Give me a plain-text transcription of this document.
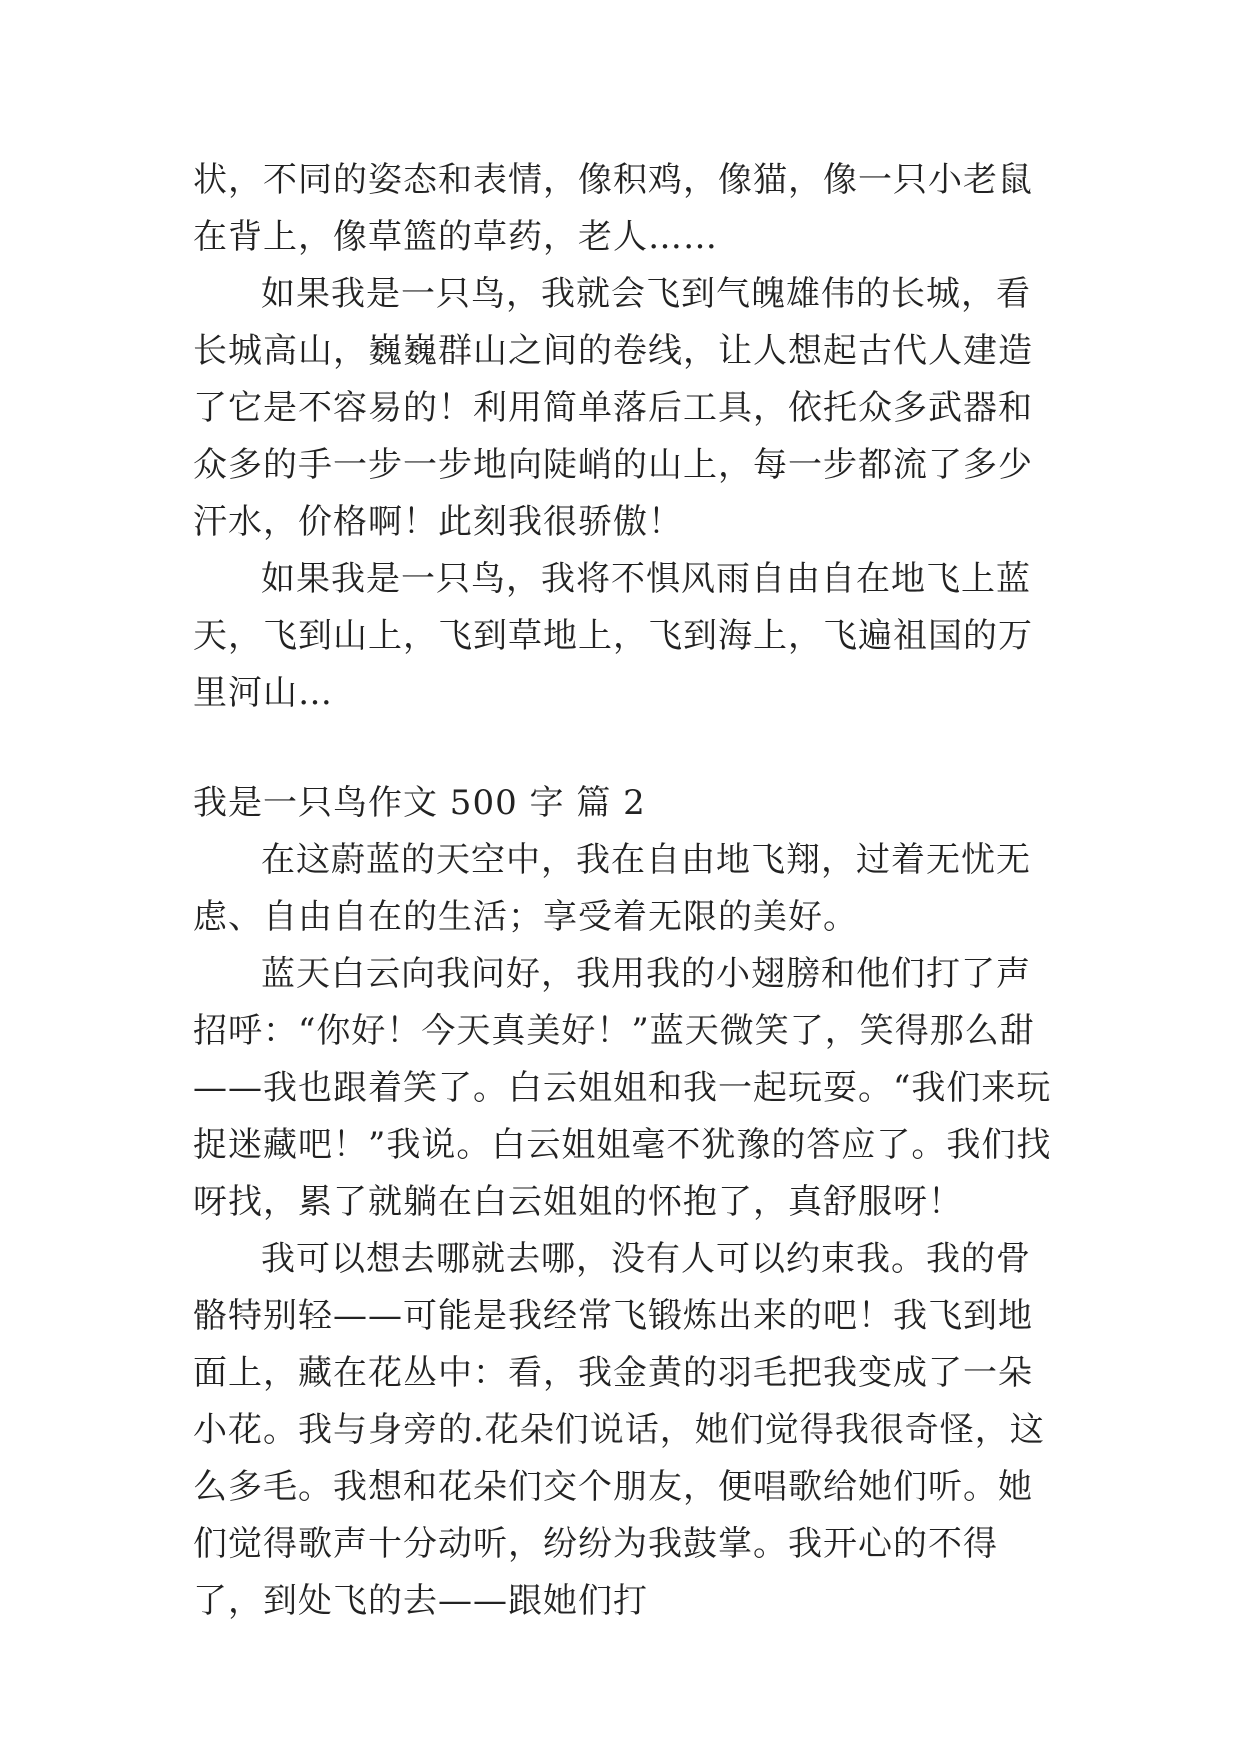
状，不同的姿态和表情，像积鸡，像猫，像一只小老鼠在背上，像草篮的草药，老人……

如果我是一只鸟，我就会飞到气魄雄伟的长城，看长城高山，巍巍群山之间的卷线，让人想起古代人建造了它是不容易的！利用简单落后工具，依托众多武器和众多的手一步一步地向陡峭的山上，每一步都流了多少汗水，价格啊！此刻我很骄傲！

如果我是一只鸟，我将不惧风雨自由自在地飞上蓝天，飞到山上，飞到草地上，飞到海上，飞遍祖国的万里河山…

我是一只鸟作文 500 字 篇 2

在这蔚蓝的天空中，我在自由地飞翔，过着无忧无虑、自由自在的生活；享受着无限的美好。

蓝天白云向我问好，我用我的小翅膀和他们打了声招呼：“你好！今天真美好！”蓝天微笑了，笑得那么甜——我也跟着笑了。白云姐姐和我一起玩耍。“我们来玩捉迷藏吧！”我说。白云姐姐毫不犹豫的答应了。我们找呀找，累了就躺在白云姐姐的怀抱了，真舒服呀！

我可以想去哪就去哪，没有人可以约束我。我的骨骼特别轻——可能是我经常飞锻炼出来的吧！我飞到地面上，藏在花丛中：看，我金黄的羽毛把我变成了一朵小花。我与身旁的.花朵们说话，她们觉得我很奇怪，这么多毛。我想和花朵们交个朋友，便唱歌给她们听。她们觉得歌声十分动听，纷纷为我鼓掌。我开心的不得了，到处飞的去——跟她们打
